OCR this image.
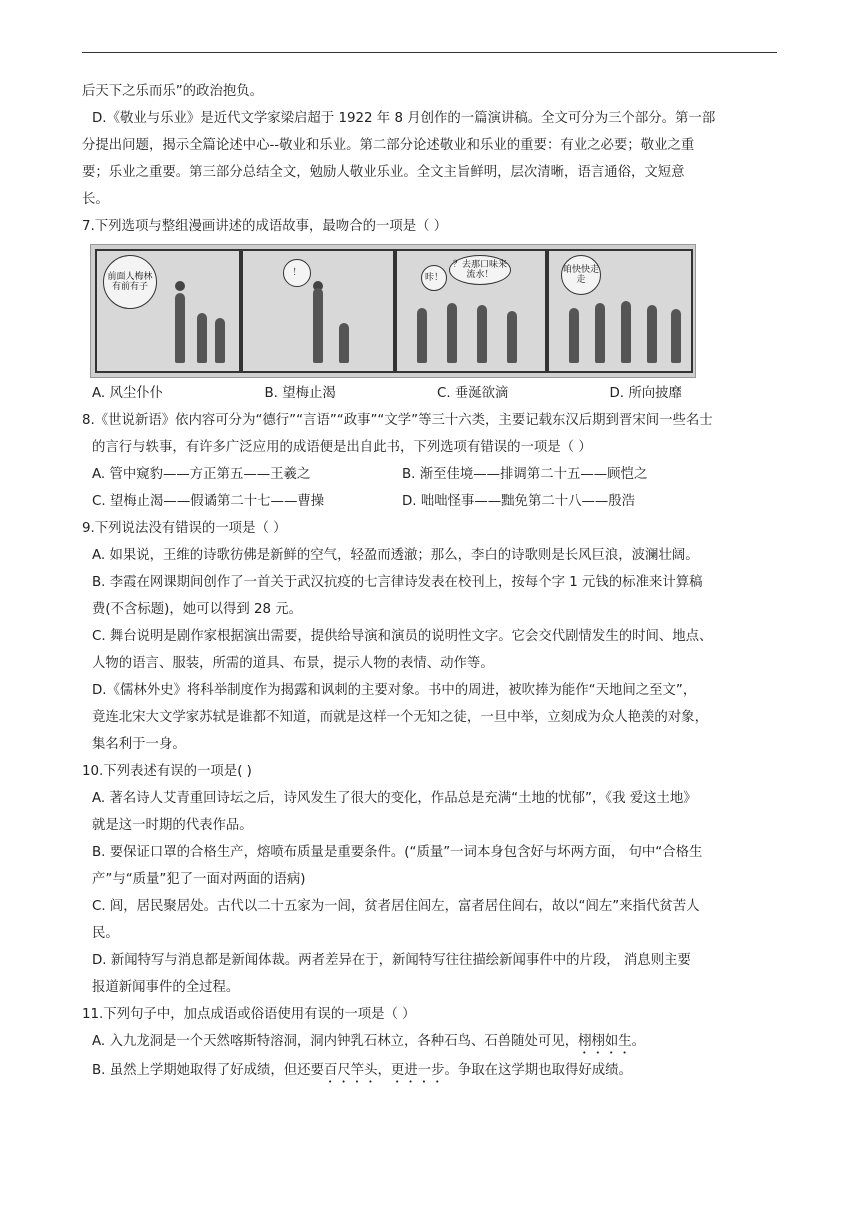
后天下之乐而乐”的政治抱负。

D.《敬业与乐业》是近代文学家梁启超于 1922 年 8 月创作的一篇演讲稿。全文可分为三个部分。第一部

分提出问题，揭示全篇论述中心--敬业和乐业。第二部分论述敬业和乐业的重要：有业之必要；敬业之重

要；乐业之重要。第三部分总结全文，勉励人敬业乐业。全文主旨鲜明，层次清晰，语言通俗，文短意

长。

7.下列选项与整组漫画讲述的成语故事，最吻合的一项是（ ）

前面人梅林有前有子
！
？去那口味来流水！
咔！
咱快快走走
A. 风尘仆仆	B. 望梅止渴	C. 垂涎欲滴	D. 所向披靡

8.《世说新语》依内容可分为“德行”“言语”“政事”“文学”等三十六类，主要记载东汉后期到晋宋间一些名士

的言行与轶事，有许多广泛应用的成语便是出自此书，下列选项有错误的一项是（ ）

A. 管中窥豹——方正第五——王羲之	B. 渐至佳境——排调第二十五——顾恺之
C. 望梅止渴——假谲第二十七——曹操	D. 咄咄怪事——黜免第二十八——殷浩

9.下列说法没有错误的一项是（ ）

A. 如果说，王维的诗歌彷佛是新鲜的空气，轻盈而透澈；那么，李白的诗歌则是长风巨浪，波澜壮阔。

B. 李霞在网课期间创作了一首关于武汉抗疫的七言律诗发表在校刊上，按每个字 1 元钱的标准来计算稿

费(不含标题)，她可以得到 28 元。

C. 舞台说明是剧作家根据演出需要，提供给导演和演员的说明性文字。它会交代剧情发生的时间、地点、

人物的语言、服装，所需的道具、布景，提示人物的表情、动作等。

D.《儒林外史》将科举制度作为揭露和讽刺的主要对象。书中的周进，被吹捧为能作“天地间之至文”，

竟连北宋大文学家苏轼是谁都不知道，而就是这样一个无知之徒，一旦中举，立刻成为众人艳羡的对象，

集名利于一身。

10.下列表述有误的一项是( )

A. 著名诗人艾青重回诗坛之后，诗风发生了很大的变化，作品总是充满“土地的忧郁”，《我 爱这土地》

就是这一时期的代表作品。

B. 要保证口罩的合格生产，熔喷布质量是重要条件。(“质量”一词本身包含好与坏两方面， 句中“合格生

产”与“质量”犯了一面对两面的语病)

C. 闾，居民聚居处。古代以二十五家为一闾，贫者居住闾左，富者居住闾右，故以“闾左”来指代贫苦人

民。

D. 新闻特写与消息都是新闻体裁。两者差异在于，新闻特写往往描绘新闻事件中的片段， 消息则主要

报道新闻事件的全过程。

11.下列句子中，加点成语或俗语使用有误的一项是（ ）

A. 入九龙洞是一个天然喀斯特溶洞，洞内钟乳石林立，各种石鸟、石兽随处可见，栩栩如生。

B. 虽然上学期她取得了好成绩，但还要百尺竿头，更进一步。争取在这学期也取得好成绩。
